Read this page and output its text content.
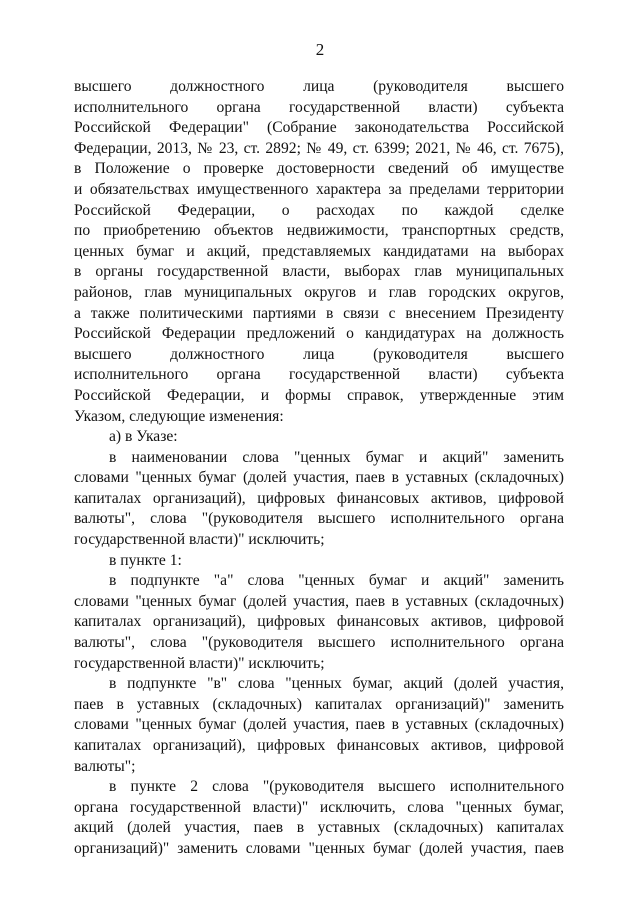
2
высшего должностного лица (руководителя высшего
исполнительного органа государственной власти) субъекта
Российской Федерации" (Собрание законодательства Российской
Федерации, 2013, № 23, ст. 2892; № 49, ст. 6399; 2021, № 46, ст. 7675),
в Положение о проверке достоверности сведений об имуществе
и обязательствах имущественного характера за пределами территории
Российской Федерации, о расходах по каждой сделке
по приобретению объектов недвижимости, транспортных средств,
ценных бумаг и акций, представляемых кандидатами на выборах
в органы государственной власти, выборах глав муниципальных
районов, глав муниципальных округов и глав городских округов,
а также политическими партиями в связи с внесением Президенту
Российской Федерации предложений о кандидатурах на должность
высшего должностного лица (руководителя высшего
исполнительного органа государственной власти) субъекта
Российской Федерации, и формы справок, утвержденные этим
Указом, следующие изменения:
а) в Указе:
в наименовании слова "ценных бумаг и акций" заменить
словами "ценных бумаг (долей участия, паев в уставных (складочных)
капиталах организаций), цифровых финансовых активов, цифровой
валюты", слова "(руководителя высшего исполнительного органа
государственной власти)" исключить;
в пункте 1:
в подпункте "а" слова "ценных бумаг и акций" заменить
словами "ценных бумаг (долей участия, паев в уставных (складочных)
капиталах организаций), цифровых финансовых активов, цифровой
валюты", слова "(руководителя высшего исполнительного органа
государственной власти)" исключить;
в подпункте "в" слова "ценных бумаг, акций (долей участия,
паев в уставных (складочных) капиталах организаций)" заменить
словами "ценных бумаг (долей участия, паев в уставных (складочных)
капиталах организаций), цифровых финансовых активов, цифровой
валюты";
в пункте 2 слова "(руководителя высшего исполнительного
органа государственной власти)" исключить, слова "ценных бумаг,
акций (долей участия, паев в уставных (складочных) капиталах
организаций)" заменить словами "ценных бумаг (долей участия, паев
